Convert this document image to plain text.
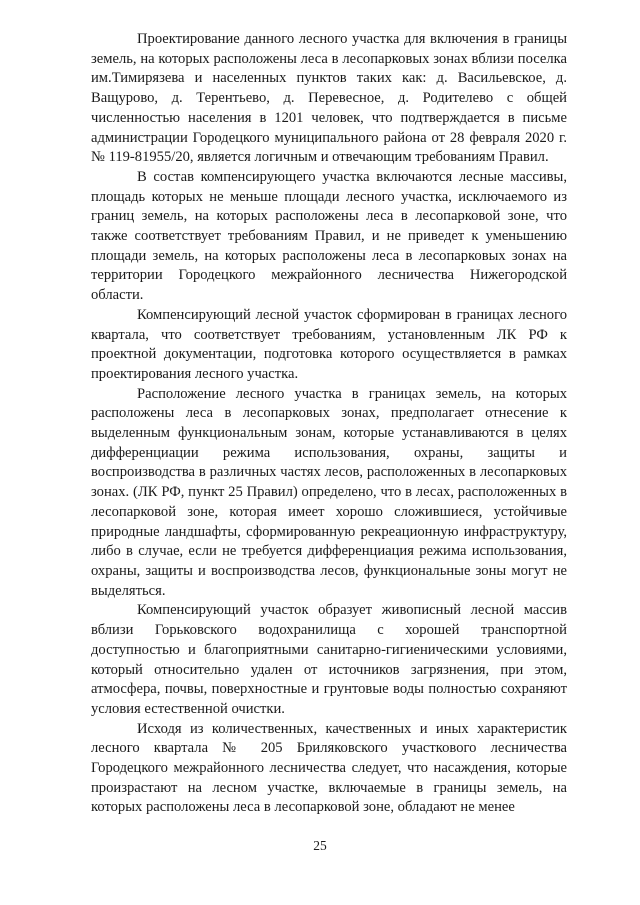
Проектирование данного лесного участка для включения в границы земель, на которых расположены леса в лесопарковых зонах вблизи поселка им.Тимирязева и населенных пунктов таких как: д. Васильевское, д. Ващурово, д. Терентьево, д. Перевесное, д. Родителево с общей численностью населения в 1201 человек, что подтверждается в письме администрации Городецкого муниципального района от 28 февраля 2020 г. № 119-81955/20, является логичным и отвечающим требованиям Правил.

В состав компенсирующего участка включаются лесные массивы, площадь которых не меньше площади лесного участка, исключаемого из границ земель, на которых расположены леса в лесопарковой зоне, что также соответствует требованиям Правил, и не приведет к уменьшению площади земель, на которых расположены леса в лесопарковых зонах на территории Городецкого межрайонного лесничества Нижегородской области.

Компенсирующий лесной участок сформирован в границах лесного квартала, что соответствует требованиям, установленным ЛК РФ к проектной документации, подготовка которого осуществляется в рамках проектирования лесного участка.

Расположение лесного участка в границах земель, на которых расположены леса в лесопарковых зонах, предполагает отнесение к выделенным функциональным зонам, которые устанавливаются в целях дифференциации режима использования, охраны, защиты и воспроизводства в различных частях лесов, расположенных в лесопарковых зонах. (ЛК РФ, пункт 25 Правил) определено, что в лесах, расположенных в лесопарковой зоне, которая имеет хорошо сложившиеся, устойчивые природные ландшафты, сформированную рекреационную инфраструктуру, либо в случае, если не требуется дифференциация режима использования, охраны, защиты и воспроизводства лесов, функциональные зоны могут не выделяться.

Компенсирующий участок образует живописный лесной массив вблизи Горьковского водохранилища с хорошей транспортной доступностью и благоприятными санитарно-гигиеническими условиями, который относительно удален от источников загрязнения, при этом, атмосфера, почвы, поверхностные и грунтовые воды полностью сохраняют условия естественной очистки.

Исходя из количественных, качественных и иных характеристик лесного квартала № 205 Бриляковского участкового лесничества Городецкого межрайонного лесничества следует, что насаждения, которые произрастают на лесном участке, включаемые в границы земель, на которых расположены леса в лесопарковой зоне, обладают не менее

25
